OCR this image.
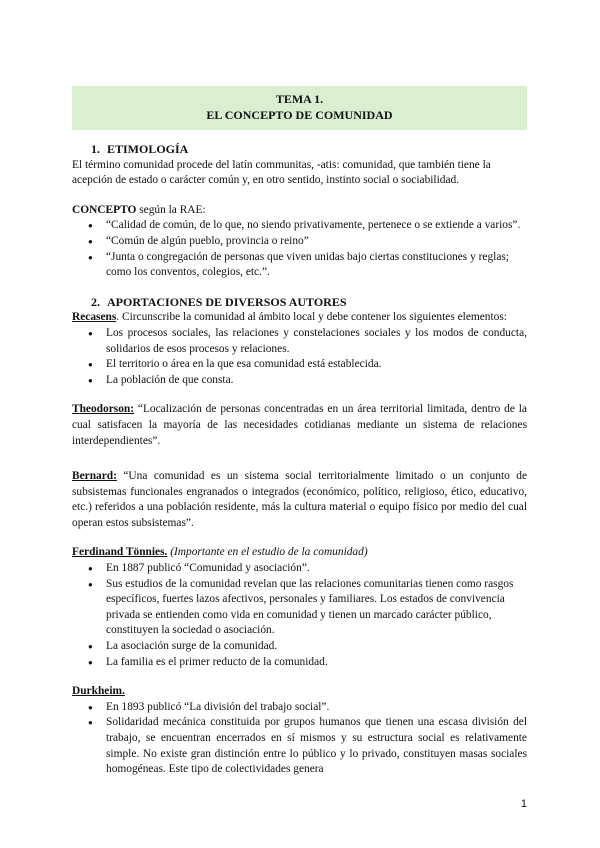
TEMA 1.
EL CONCEPTO DE COMUNIDAD
1. ETIMOLOGÍA

El término comunidad procede del latín communitas, -atis: comunidad, que también tiene la acepción de estado o carácter común y, en otro sentido, instinto social o sociabilidad.

CONCEPTO según la RAE:

● “Calidad de común, de lo que, no siendo privativamente, pertenece o se extiende a varios”.
● “Común de algún pueblo, provincia o reino”
● “Junta o congregación de personas que viven unidas bajo ciertas constituciones y reglas; como los conventos, colegios, etc.”.
2. APORTACIONES DE DIVERSOS AUTORES

Recasens. Circunscribe la comunidad al ámbito local y debe contener los siguientes elementos:

● Los procesos sociales, las relaciones y constelaciones sociales y los modos de conducta, solidarios de esos procesos y relaciones.
● El territorio o área en la que esa comunidad está establecida.
● La población de que consta.

Theodorson: “Localización de personas concentradas en un área territorial limitada, dentro de la cual satisfacen la mayoría de las necesidades cotidianas mediante un sistema de relaciones interdependientes”.

Bernard: “Una comunidad es un sistema social territorialmente limitado o un conjunto de subsistemas funcionales engranados o integrados (económico, político, religioso, ético, educativo, etc.) referidos a una población residente, más la cultura material o equipo físico por medio del cual operan estos subsistemas”.

Ferdinand Tönnies. (Importante en el estudio de la comunidad)

● En 1887 publicó “Comunidad y asociación”.
● Sus estudios de la comunidad revelan que las relaciones comunitarias tienen como rasgos específicos, fuertes lazos afectivos, personales y familiares. Los estados de convivencia privada se entienden como vida en comunidad y tienen un marcado carácter público, constituyen la sociedad o asociación.
● La asociación surge de la comunidad.
● La familia es el primer reducto de la comunidad.

Durkheim.

● En 1893 publicó “La división del trabajo social”.
● Solidaridad mecánica constituida por grupos humanos que tienen una escasa división del trabajo, se encuentran encerrados en sí mismos y su estructura social es relativamente simple. No existe gran distinción entre lo público y lo privado, constituyen masas sociales homogéneas. Este tipo de colectividades genera
1
